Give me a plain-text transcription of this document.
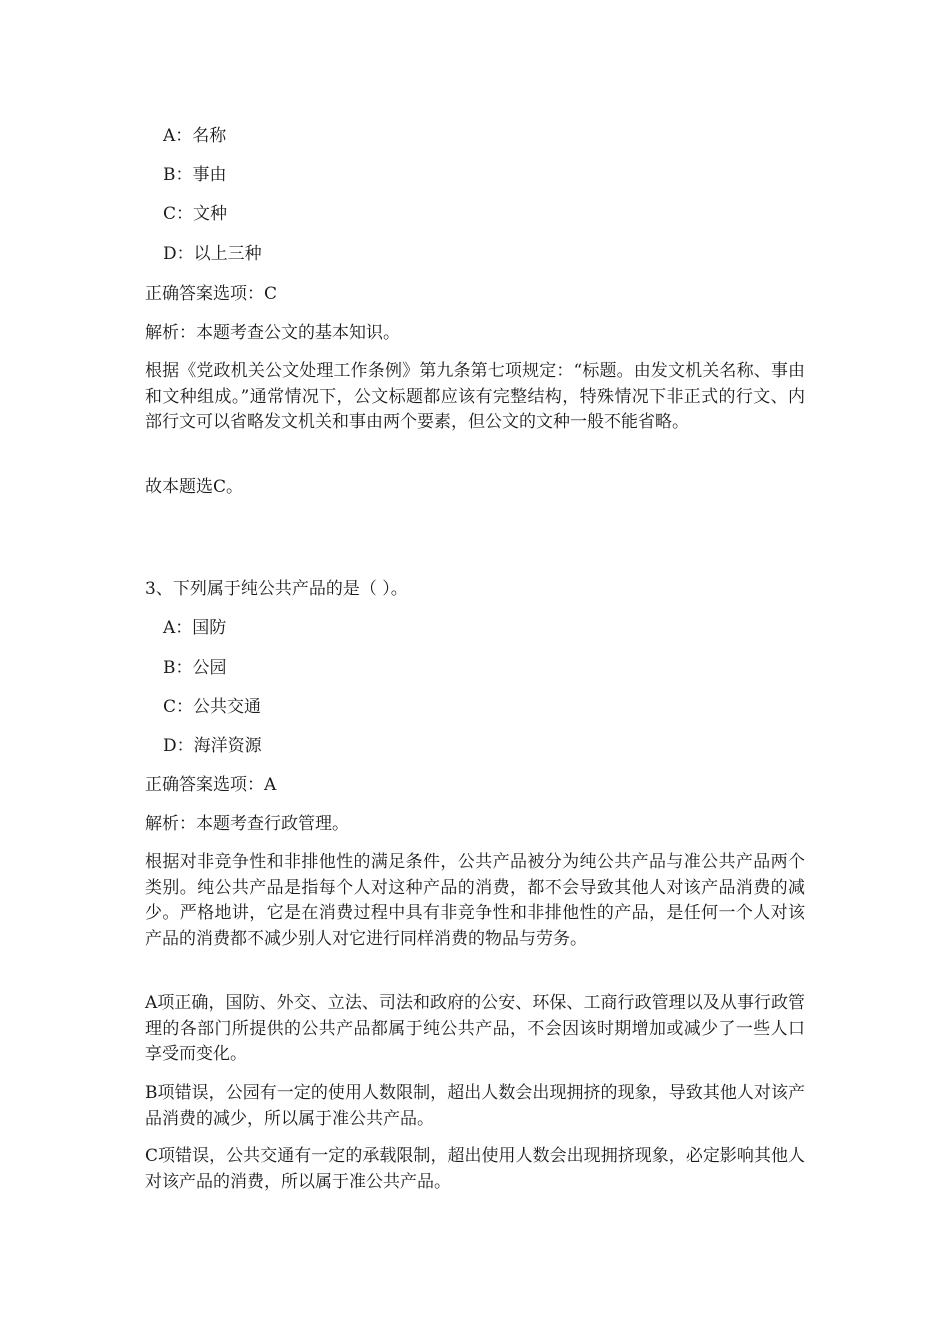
A：名称
B：事由
C：文种
D：以上三种
正确答案选项：C
解析：本题考查公文的基本知识。
根据《党政机关公文处理工作条例》第九条第七项规定：“标题。由发文机关名称、事由和文种组成。”通常情况下，公文标题都应该有完整结构，特殊情况下非正式的行文、内部行文可以省略发文机关和事由两个要素，但公文的文种一般不能省略。
故本题选C。
3、下列属于纯公共产品的是（ ）。
A：国防
B：公园
C：公共交通
D：海洋资源
正确答案选项：A
解析：本题考查行政管理。
根据对非竞争性和非排他性的满足条件，公共产品被分为纯公共产品与准公共产品两个类别。纯公共产品是指每个人对这种产品的消费，都不会导致其他人对该产品消费的减少。严格地讲，它是在消费过程中具有非竞争性和非排他性的产品，是任何一个人对该产品的消费都不减少别人对它进行同样消费的物品与劳务。
A项正确，国防、外交、立法、司法和政府的公安、环保、工商行政管理以及从事行政管理的各部门所提供的公共产品都属于纯公共产品，不会因该时期增加或减少了一些人口享受而变化。
B项错误，公园有一定的使用人数限制，超出人数会出现拥挤的现象，导致其他人对该产品消费的减少，所以属于准公共产品。
C项错误，公共交通有一定的承载限制，超出使用人数会出现拥挤现象，必定影响其他人对该产品的消费，所以属于准公共产品。
